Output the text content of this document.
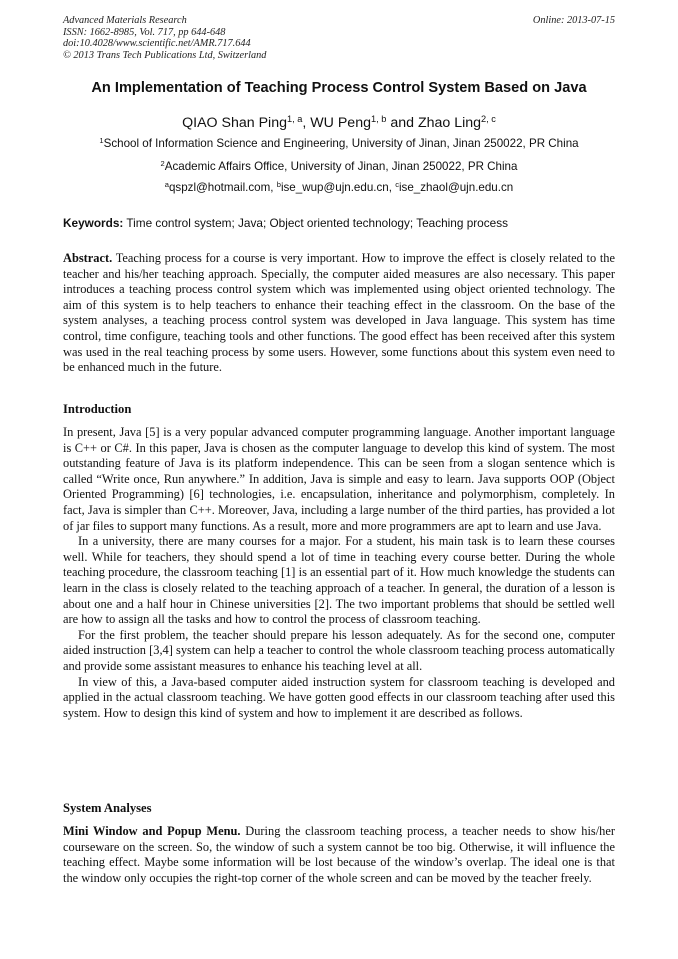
Advanced Materials Research
ISSN: 1662-8985, Vol. 717, pp 644-648
doi:10.4028/www.scientific.net/AMR.717.644
© 2013 Trans Tech Publications Ltd, Switzerland
Online: 2013-07-15
An Implementation of Teaching Process Control System Based on Java
QIAO Shan Ping$^{1, a}$, WU Peng$^{1, b}$ and Zhao Ling$^{2, c}$
$^1$School of Information Science and Engineering, University of Jinan, Jinan 250022, PR China
$^2$Academic Affairs Office, University of Jinan, Jinan 250022, PR China
$^a$qspzl@hotmail.com, $^b$ise_wup@ujn.edu.cn, $^c$ise_zhaol@ujn.edu.cn
Keywords: Time control system; Java; Object oriented technology; Teaching process
Abstract. Teaching process for a course is very important. How to improve the effect is closely related to the teacher and his/her teaching approach. Specially, the computer aided measures are also necessary. This paper introduces a teaching process control system which was implemented using object oriented technology. The aim of this system is to help teachers to enhance their teaching effect in the classroom. On the base of the system analyses, a teaching process control system was developed in Java language. This system has time control, time configure, teaching tools and other functions. The good effect has been received after this system was used in the real teaching process by some users. However, some functions about this system even need to be enhanced much in the future.
Introduction

In present, Java [5] is a very popular advanced computer programming language. Another important language is C++ or C#. In this paper, Java is chosen as the computer language to develop this kind of system. The most outstanding feature of Java is its platform independence. This can be seen from a slogan sentence which is called “Write once, Run anywhere.” In addition, Java is simple and easy to learn. Java supports OOP (Object Oriented Programming) [6] technologies, i.e. encapsulation, inheritance and polymorphism, completely. In fact, Java is simpler than C++. Moreover, Java, including a large number of the third parties, has provided a lot of jar files to support many functions. As a result, more and more programmers are apt to learn and use Java.

In a university, there are many courses for a major. For a student, his main task is to learn these courses well. While for teachers, they should spend a lot of time in teaching every course better. During the whole teaching procedure, the classroom teaching [1] is an essential part of it. How much knowledge the students can learn in the class is closely related to the teaching approach of a teacher. In general, the duration of a lesson is about one and a half hour in Chinese universities [2]. The two important problems that should be settled well are how to assign all the tasks and how to control the process of classroom teaching.

For the first problem, the teacher should prepare his lesson adequately. As for the second one, computer aided instruction [3,4] system can help a teacher to control the whole classroom teaching process automatically and provide some assistant measures to enhance his teaching level at all.

In view of this, a Java-based computer aided instruction system for classroom teaching is developed and applied in the actual classroom teaching. We have gotten good effects in our classroom teaching after used this system. How to design this kind of system and how to implement it are described as follows.

System Analyses
Mini Window and Popup Menu. During the classroom teaching process, a teacher needs to show his/her courseware on the screen. So, the window of such a system cannot be too big. Otherwise, it will influence the teaching effect. Maybe some information will be lost because of the window’s overlap. The ideal one is that the window only occupies the right-top corner of the whole screen and can be moved by the teacher freely.
